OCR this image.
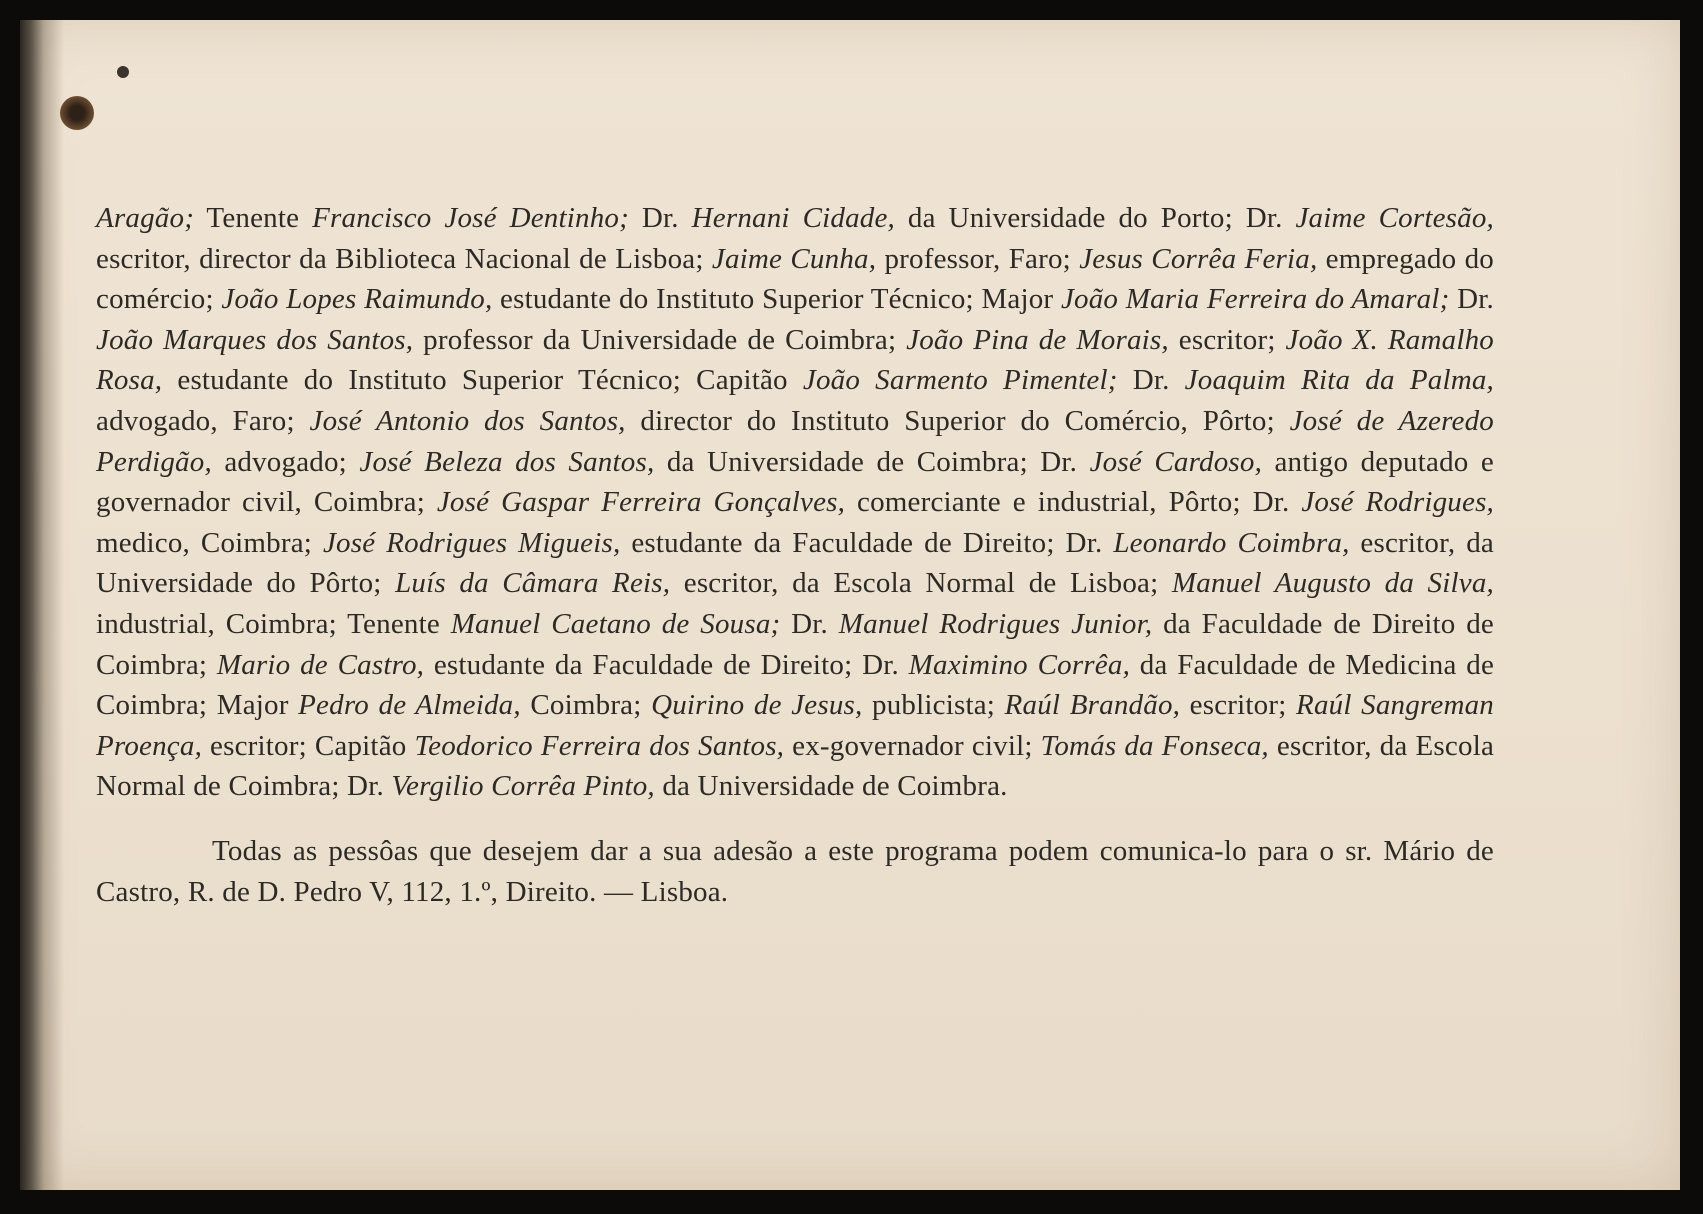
Aragão; Tenente Francisco José Dentinho; Dr. Hernani Cidade, da Universidade do Porto; Dr. Jaime Cortesão, escritor, director da Biblioteca Nacional de Lisboa; Jaime Cunha, professor, Faro; Jesus Corrêa Feria, empregado do comércio; João Lopes Raimundo, estudante do Instituto Superior Técnico; Major João Maria Ferreira do Amaral; Dr. João Marques dos Santos, professor da Universidade de Coimbra; João Pina de Morais, escritor; João X. Ramalho Rosa, estudante do Instituto Superior Técnico; Capitão João Sarmento Pimentel; Dr. Joaquim Rita da Palma, advogado, Faro; José Antonio dos Santos, director do Instituto Superior do Comércio, Pôrto; José de Azeredo Perdigão, advogado; José Beleza dos Santos, da Universidade de Coimbra; Dr. José Cardoso, antigo deputado e governador civil, Coimbra; José Gaspar Ferreira Gonçalves, comerciante e industrial, Pôrto; Dr. José Rodrigues, medico, Coimbra; José Rodrigues Migueis, estudante da Faculdade de Direito; Dr. Leonardo Coimbra, escritor, da Universidade do Pôrto; Luís da Câmara Reis, escritor, da Escola Normal de Lisboa; Manuel Augusto da Silva, industrial, Coimbra; Tenente Manuel Caetano de Sousa; Dr. Manuel Rodrigues Junior, da Faculdade de Direito de Coimbra; Mario de Castro, estudante da Faculdade de Direito; Dr. Maximino Corrêa, da Faculdade de Medicina de Coimbra; Major Pedro de Almeida, Coimbra; Quirino de Jesus, publicista; Raúl Brandão, escritor; Raúl Sangreman Proença, escritor; Capitão Teodorico Ferreira dos Santos, ex-governador civil; Tomás da Fonseca, escritor, da Escola Normal de Coimbra; Dr. Vergilio Corrêa Pinto, da Universidade de Coimbra.

Todas as pessôas que desejem dar a sua adesão a este programa podem comunica-lo para o sr. Mário de Castro, R. de D. Pedro V, 112, 1.º, Direito. — Lisboa.
